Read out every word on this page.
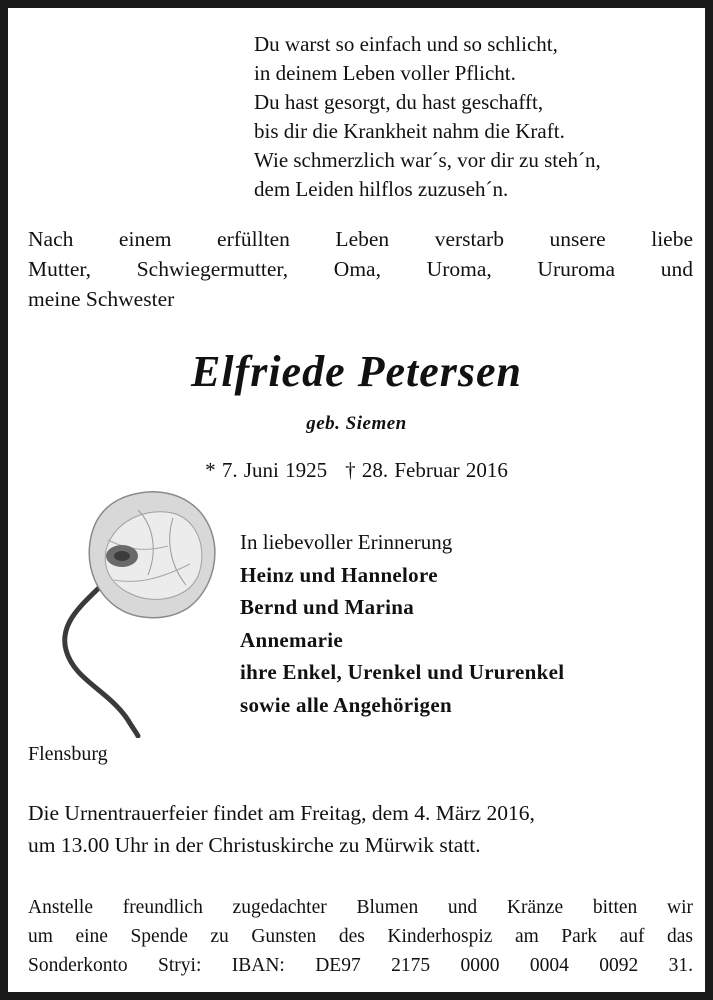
Du warst so einfach und so schlicht,
in deinem Leben voller Pflicht.
Du hast gesorgt, du hast geschafft,
bis dir die Krankheit nahm die Kraft.
Wie schmerzlich war´s, vor dir zu steh´n,
dem Leiden hilflos zuzuseh´n.
Nach einem erfüllten Leben verstarb unsere liebe
Mutter, Schwiegermutter, Oma, Uroma, Ururoma und
meine Schwester
Elfriede Petersen
geb. Siemen
* 7. Juni 1925 † 28. Februar 2016
In liebevoller Erinnerung
Heinz und Hannelore
Bernd und Marina
Annemarie
ihre Enkel, Urenkel und Ururenkel
sowie alle Angehörigen
Flensburg
Die Urnentrauerfeier findet am Freitag, dem 4. März 2016,
um 13.00 Uhr in der Christuskirche zu Mürwik statt.
Anstelle freundlich zugedachter Blumen und Kränze bitten wir
um eine Spende zu Gunsten des Kinderhospiz am Park auf das
Sonderkonto Stryi: IBAN: DE97 2175 0000 0004 0092 31.
